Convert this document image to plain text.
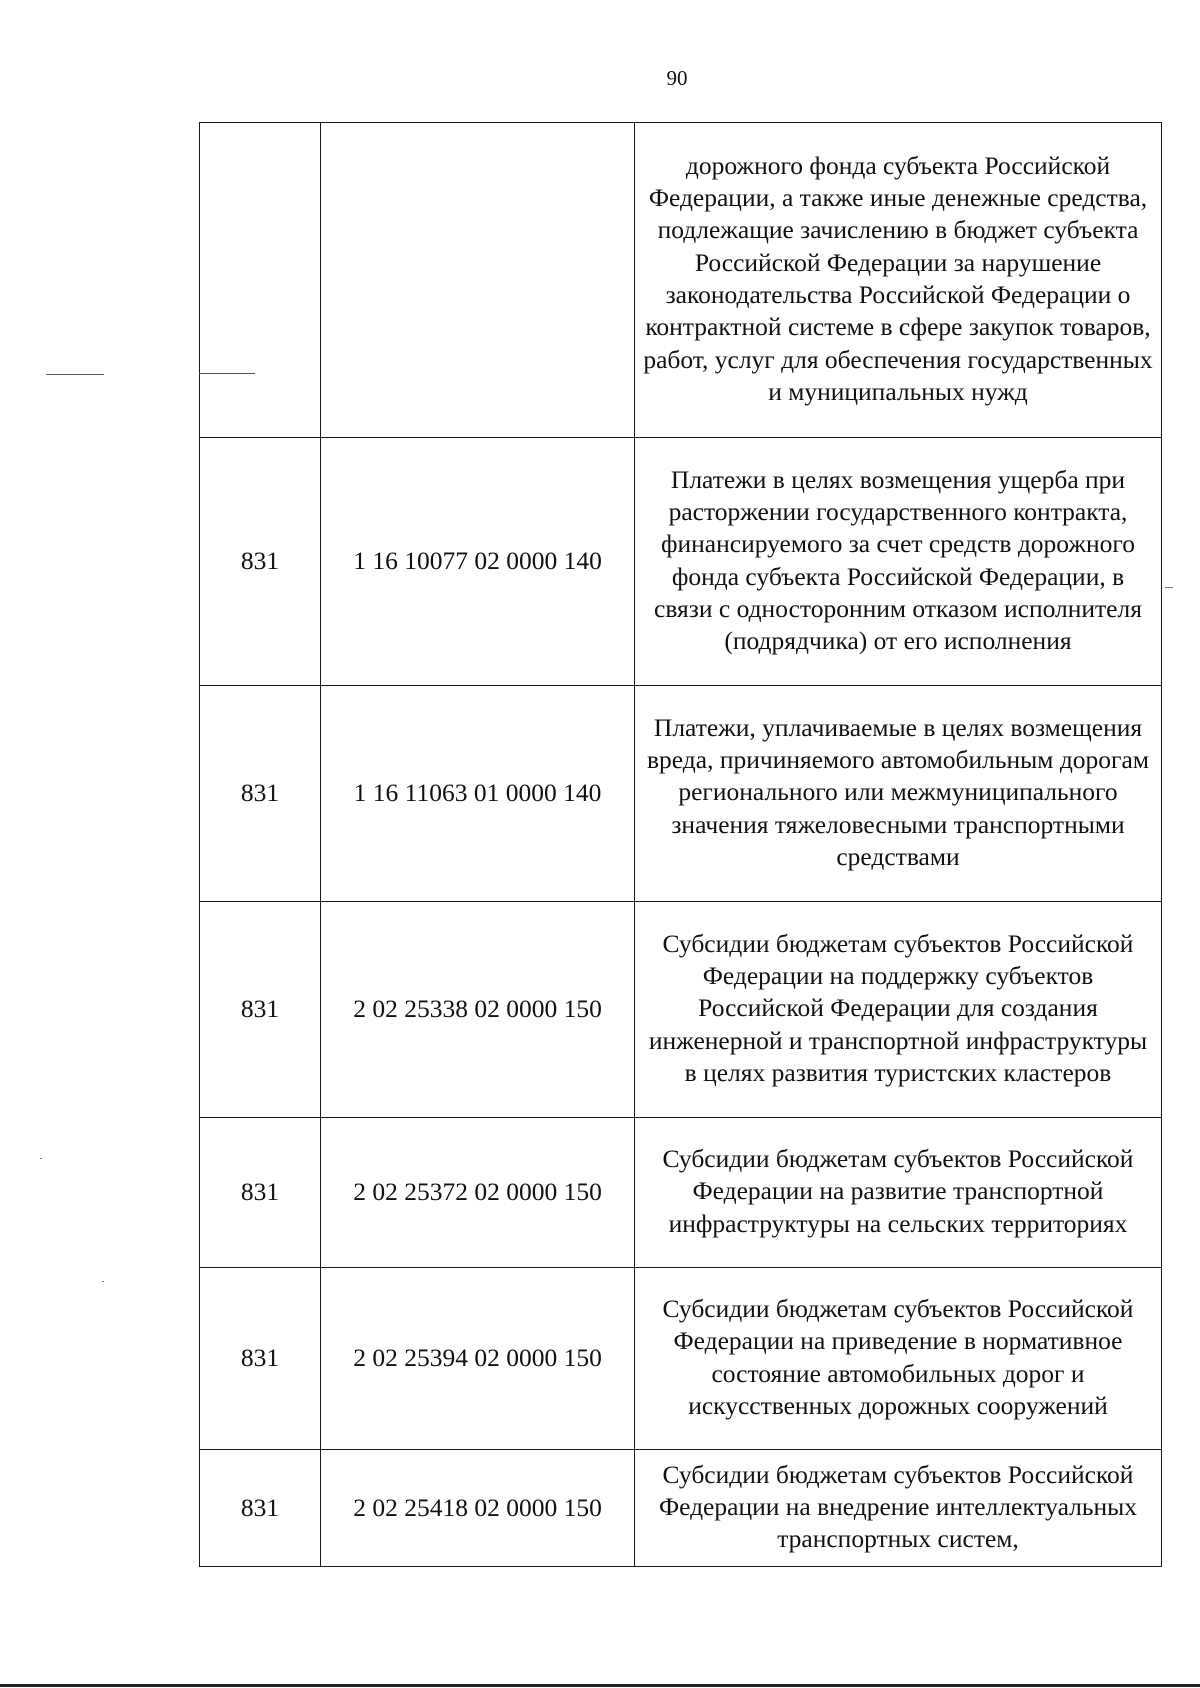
90
		дорожного фонда субъекта Российской Федерации, а также иные денежные средства, подлежащие зачислению в бюджет субъекта Российской Федерации за нарушение законодательства Российской Федерации о контрактной системе в сфере закупок товаров, работ, услуг для обеспечения государственных и муниципальных нужд
831	1 16 10077 02 0000 140	Платежи в целях возмещения ущерба при расторжении государственного контракта, финансируемого за счет средств дорожного фонда субъекта Российской Федерации, в связи с односторонним отказом исполнителя (подрядчика) от его исполнения
831	1 16 11063 01 0000 140	Платежи, уплачиваемые в целях возмещения вреда, причиняемого автомобильным дорогам регионального или межмуниципального значения тяжеловесными транспортными средствами
831	2 02 25338 02 0000 150	Субсидии бюджетам субъектов Российской Федерации на поддержку субъектов Российской Федерации для создания инженерной и транспортной инфраструктуры в целях развития туристских кластеров
831	2 02 25372 02 0000 150	Субсидии бюджетам субъектов Российской Федерации на развитие транспортной инфраструктуры на сельских территориях
831	2 02 25394 02 0000 150	Субсидии бюджетам субъектов Российской Федерации на приведение в нормативное состояние автомобильных дорог и искусственных дорожных сооружений
831	2 02 25418 02 0000 150	Субсидии бюджетам субъектов Российской Федерации на внедрение интеллектуальных транспортных систем,
